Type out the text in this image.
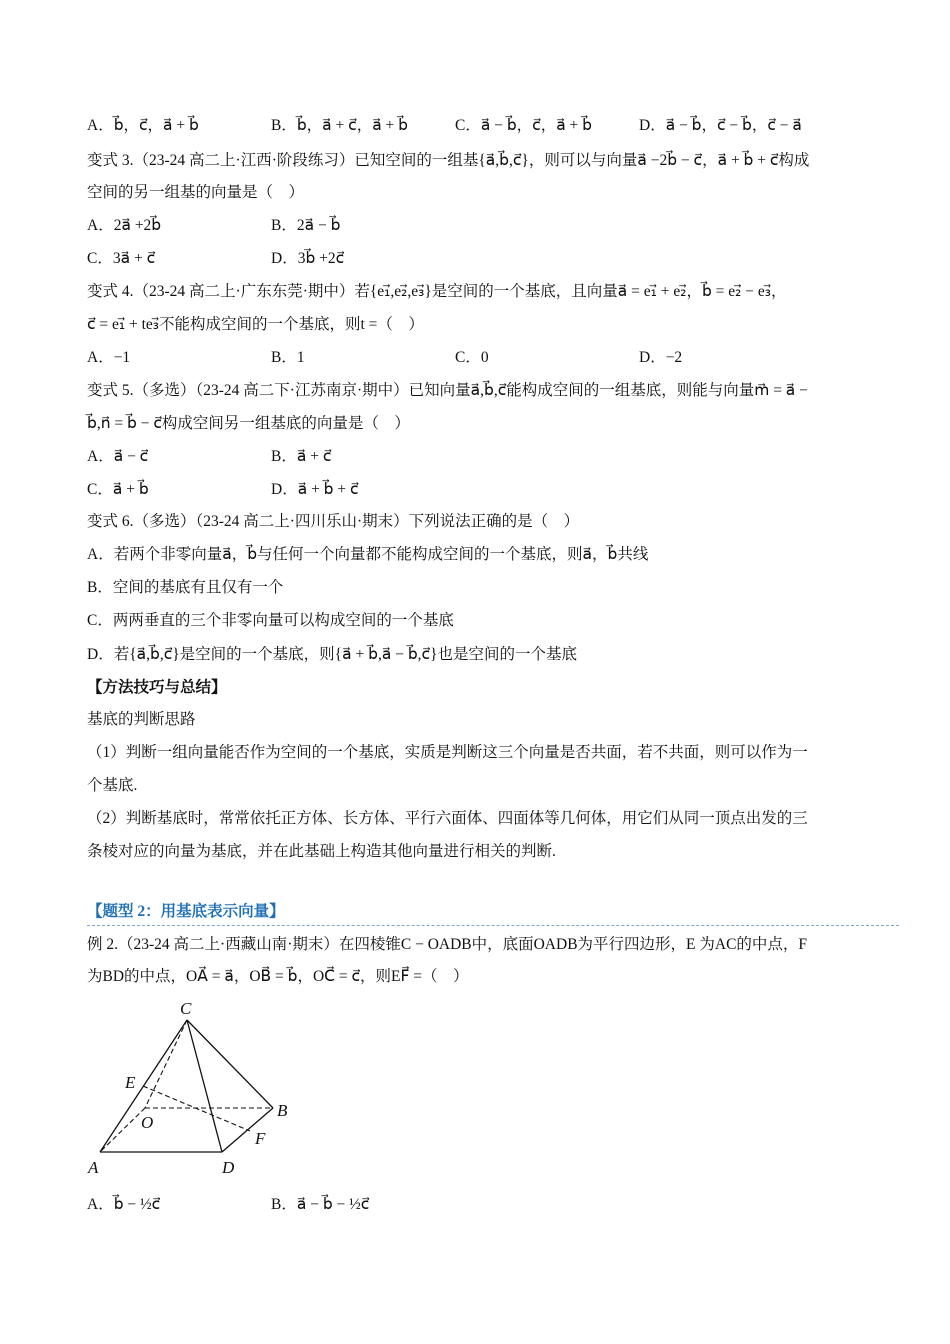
A．b⃗，c⃗，a⃗ + b⃗	B．b⃗，a⃗ + c⃗，a⃗ + b⃗	C．a⃗ − b⃗，c⃗，a⃗ + b⃗	D．a⃗ − b⃗，c⃗ − b⃗，c⃗ − a⃗
变式 3.（23-24 高二上·江西·阶段练习）已知空间的一组基{a⃗,b⃗,c⃗}，则可以与向量a⃗ −2b⃗ − c⃗，a⃗ + b⃗ + c⃗构成
空间的另一组基的向量是（　）
A．2a⃗ +2b⃗	B．2a⃗ − b⃗
C．3a⃗ + c⃗	D．3b⃗ +2c⃗
变式 4.（23-24 高二上·广东东莞·期中）若{e₁⃗,e₂⃗,e₃⃗}是空间的一个基底，且向量a⃗ = e₁⃗ + e₂⃗，b⃗ = e₂⃗ − e₃⃗，
c⃗ = e₁⃗ + te₃⃗不能构成空间的一个基底，则t =（　）
A．−1	B．1	C．0	D．−2
变式 5.（多选）（23-24 高二下·江苏南京·期中）已知向量a⃗,b⃗,c⃗能构成空间的一组基底，则能与向量m⃗ = a⃗ −
b⃗,n⃗ = b⃗ − c⃗构成空间另一组基底的向量是（　）
A．a⃗ − c⃗	B．a⃗ + c⃗
C．a⃗ + b⃗	D．a⃗ + b⃗ + c⃗
变式 6.（多选）（23-24 高二上·四川乐山·期末）下列说法正确的是（　）
A．若两个非零向量a⃗，b⃗与任何一个向量都不能构成空间的一个基底，则a⃗，b⃗共线
B．空间的基底有且仅有一个
C．两两垂直的三个非零向量可以构成空间的一个基底
D．若{a⃗,b⃗,c⃗}是空间的一个基底，则{a⃗ + b⃗,a⃗ − b⃗,c⃗}也是空间的一个基底
【方法技巧与总结】
基底的判断思路
（1）判断一组向量能否作为空间的一个基底，实质是判断这三个向量是否共面，若不共面，则可以作为一
个基底.
（2）判断基底时，常常依托正方体、长方体、平行六面体、四面体等几何体，用它们从同一顶点出发的三
条棱对应的向量为基底，并在此基础上构造其他向量进行相关的判断.
【题型 2：用基底表示向量】
例 2.（23-24 高二上·西藏山南·期末）在四棱锥C − OADB中，底面OADB为平行四边形，E 为AC的中点，F
为BD的中点，OA⃗ = a⃗，OB⃗ = b⃗，OC⃗ = c⃗，则EF⃗ =（　）
C
E
O
B
F
A	D
A．b⃗ − ½c⃗	B．a⃗ − b⃗ − ½c⃗
